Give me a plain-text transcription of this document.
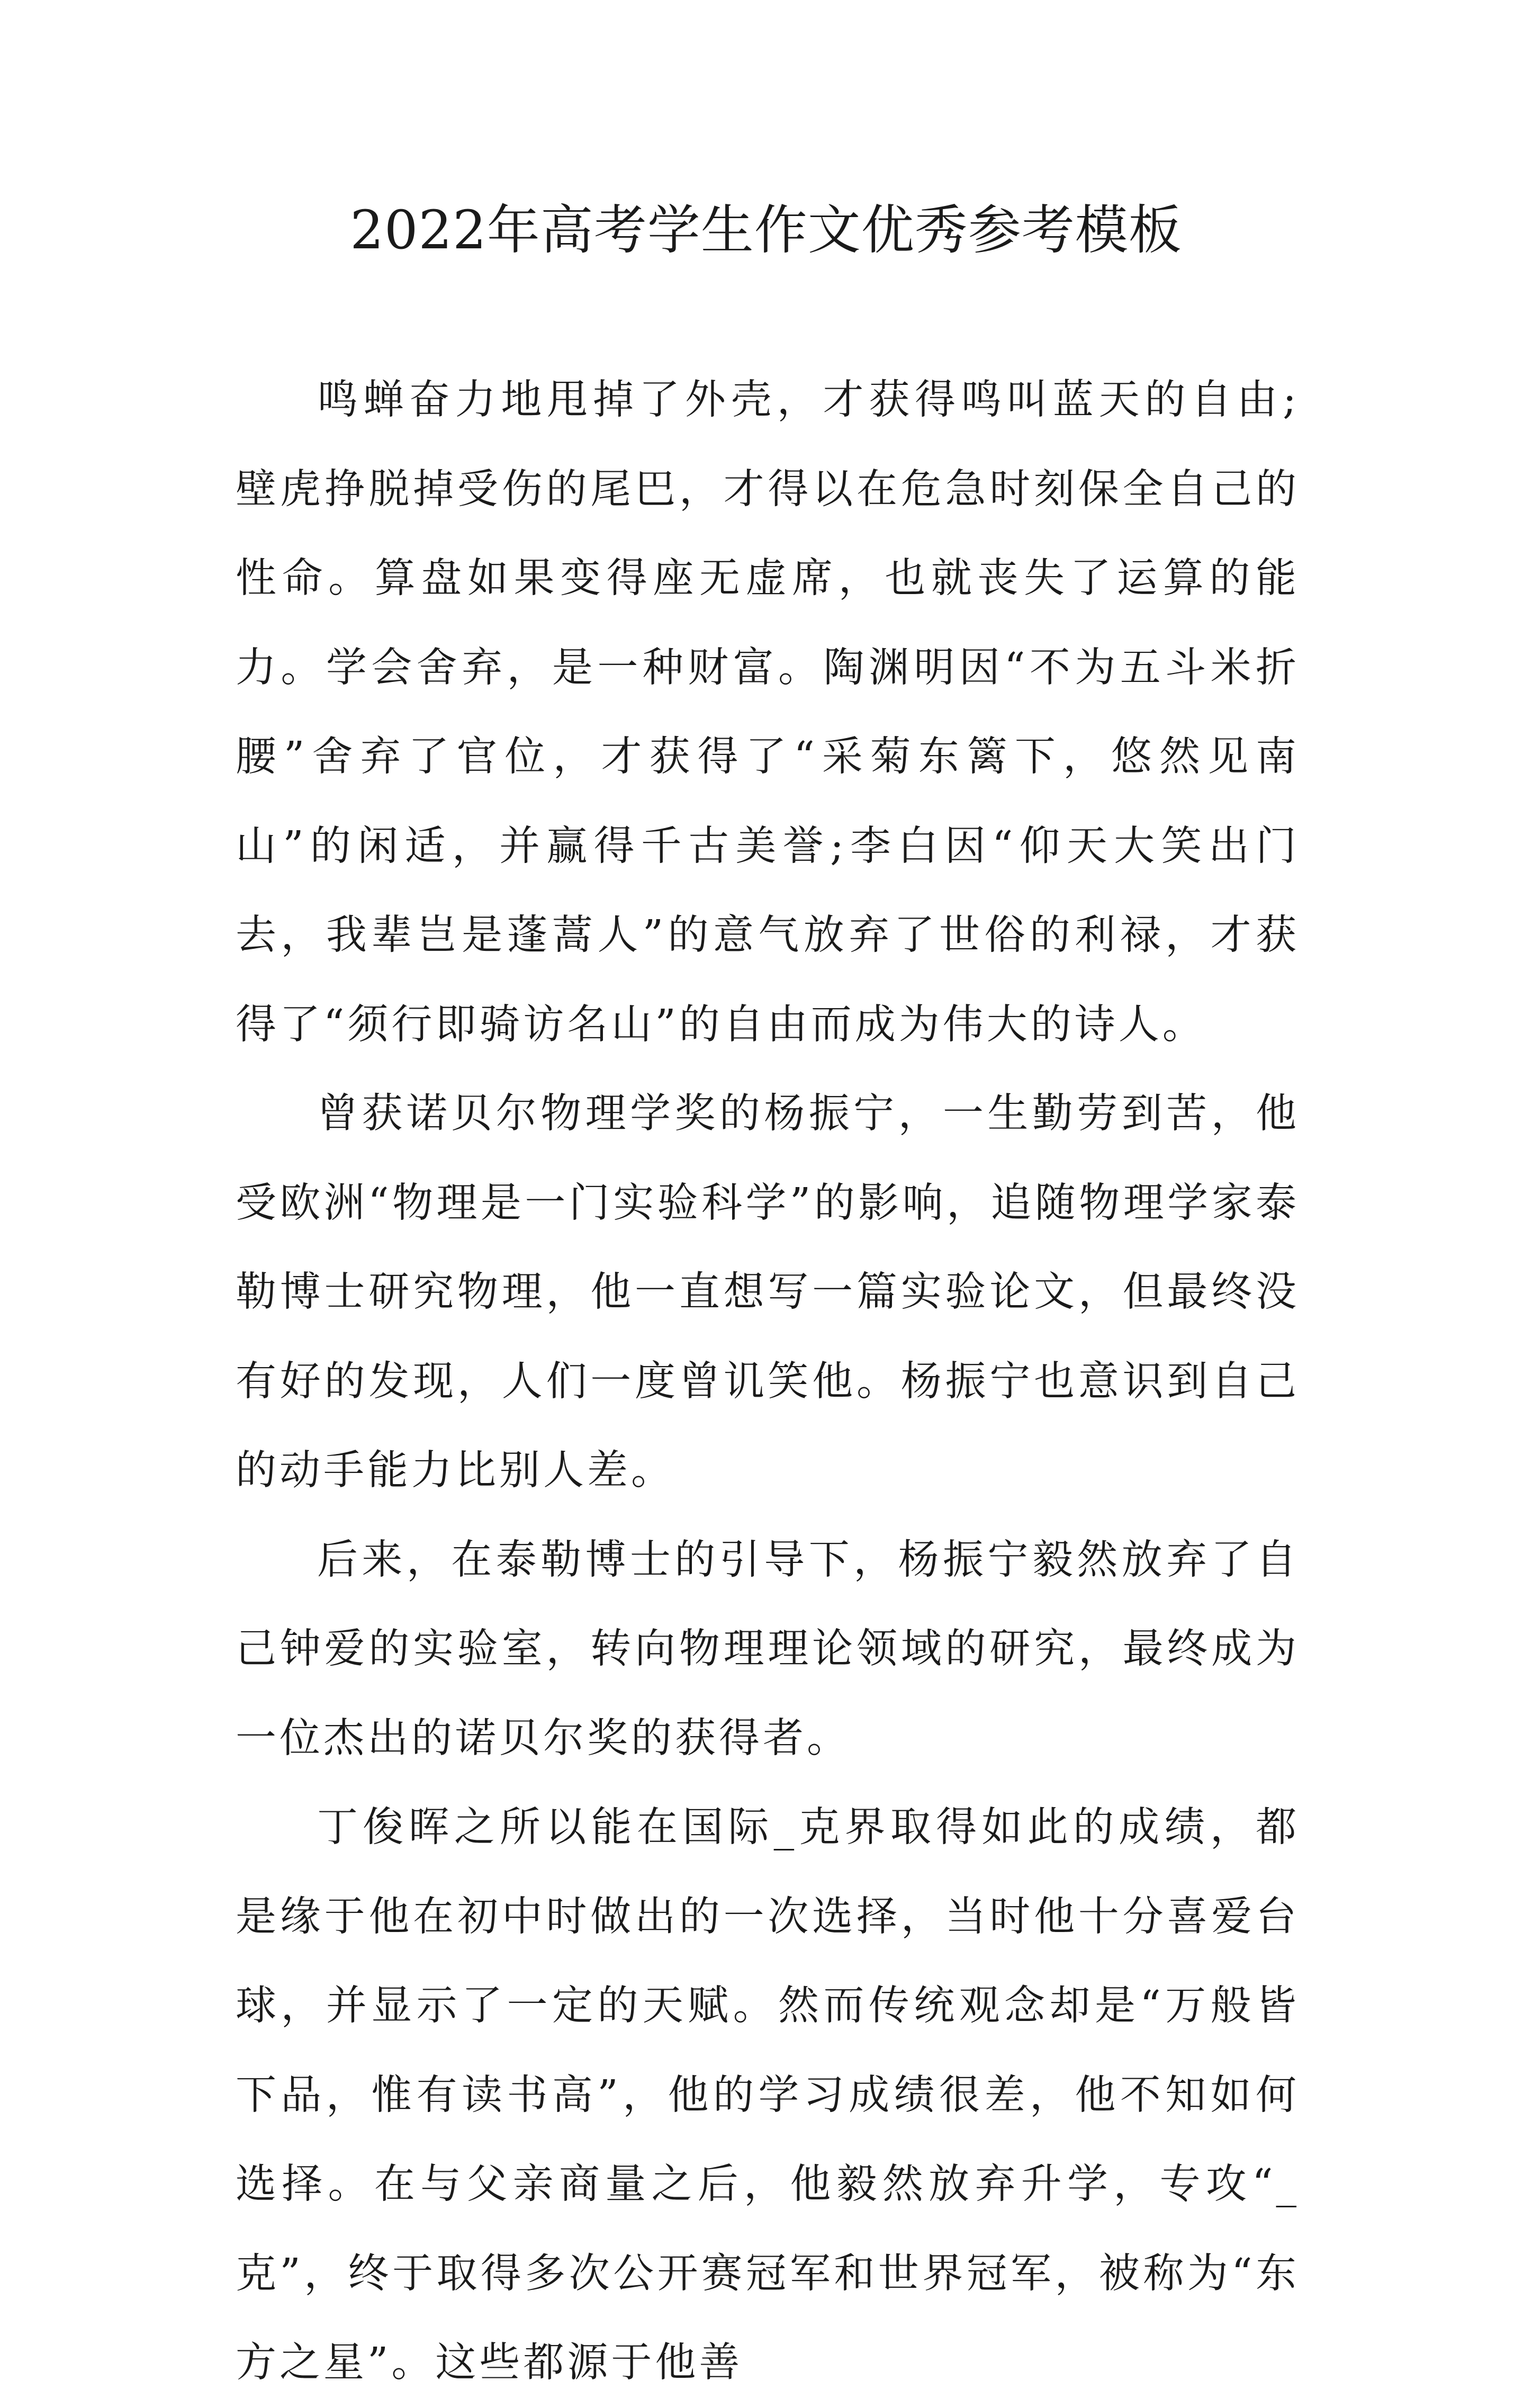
2022年高考学生作文优秀参考模板

鸣蝉奋力地甩掉了外壳，才获得鸣叫蓝天的自由;壁虎挣脱掉受伤的尾巴，才得以在危急时刻保全自己的性命。算盘如果变得座无虚席，也就丧失了运算的能力。学会舍弃，是一种财富。陶渊明因“不为五斗米折腰”舍弃了官位，才获得了“采菊东篱下，悠然见南山”的闲适，并赢得千古美誉;李白因“仰天大笑出门去，我辈岂是蓬蒿人”的意气放弃了世俗的利禄，才获得了“须行即骑访名山”的自由而成为伟大的诗人。

曾获诺贝尔物理学奖的杨振宁，一生勤劳到苦，他受欧洲“物理是一门实验科学”的影响，追随物理学家泰勒博士研究物理，他一直想写一篇实验论文，但最终没有好的发现，人们一度曾讥笑他。杨振宁也意识到自己的动手能力比别人差。

后来，在泰勒博士的引导下，杨振宁毅然放弃了自己钟爱的实验室，转向物理理论领域的研究，最终成为一位杰出的诺贝尔奖的获得者。

丁俊晖之所以能在国际_克界取得如此的成绩，都是缘于他在初中时做出的一次选择，当时他十分喜爱台球，并显示了一定的天赋。然而传统观念却是“万般皆下品，惟有读书高”，他的学习成绩很差，他不知如何选择。在与父亲商量之后，他毅然放弃升学，专攻“_克”，终于取得多次公开赛冠军和世界冠军，被称为“东方之星”。这些都源于他善
